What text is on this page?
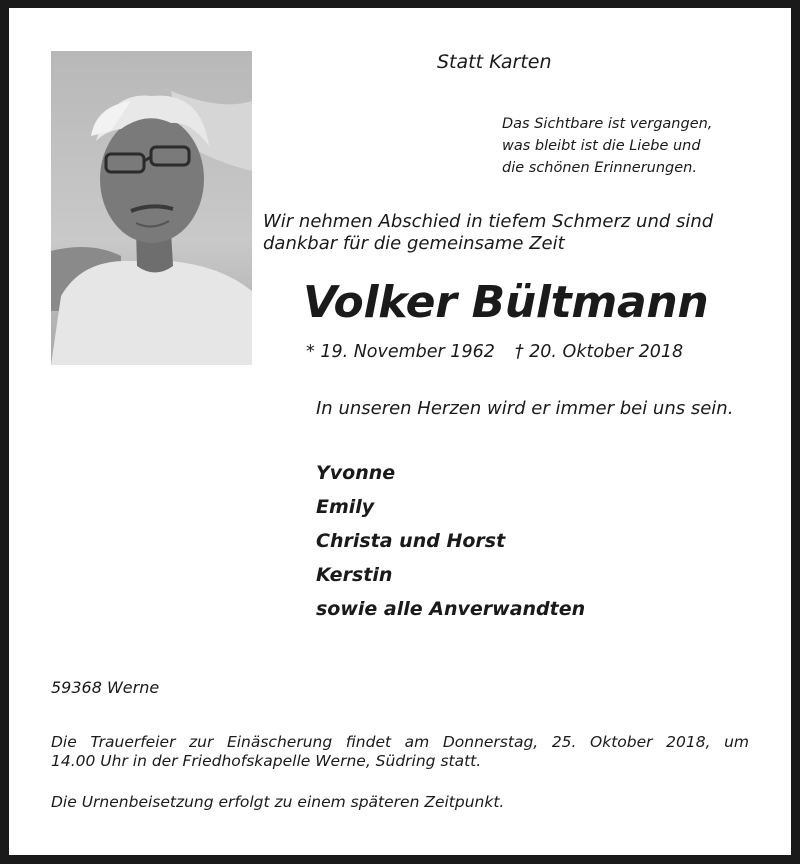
Statt Karten
Das Sichtbare ist vergangen,
was bleibt ist die Liebe und
die schönen Erinnerungen.
Wir nehmen Abschied in tiefem Schmerz und sind
dankbar für die gemeinsame Zeit
Volker Bültmann
* 19. November 1962 † 20. Oktober 2018
In unseren Herzen wird er immer bei uns sein.
Yvonne
Emily
Christa und Horst
Kerstin
sowie alle Anverwandten
59368 Werne
Die Trauerfeier zur Einäscherung findet am Donnerstag, 25. Oktober 2018, um
14.00 Uhr in der Friedhofskapelle Werne, Südring statt.
Die Urnenbeisetzung erfolgt zu einem späteren Zeitpunkt.
